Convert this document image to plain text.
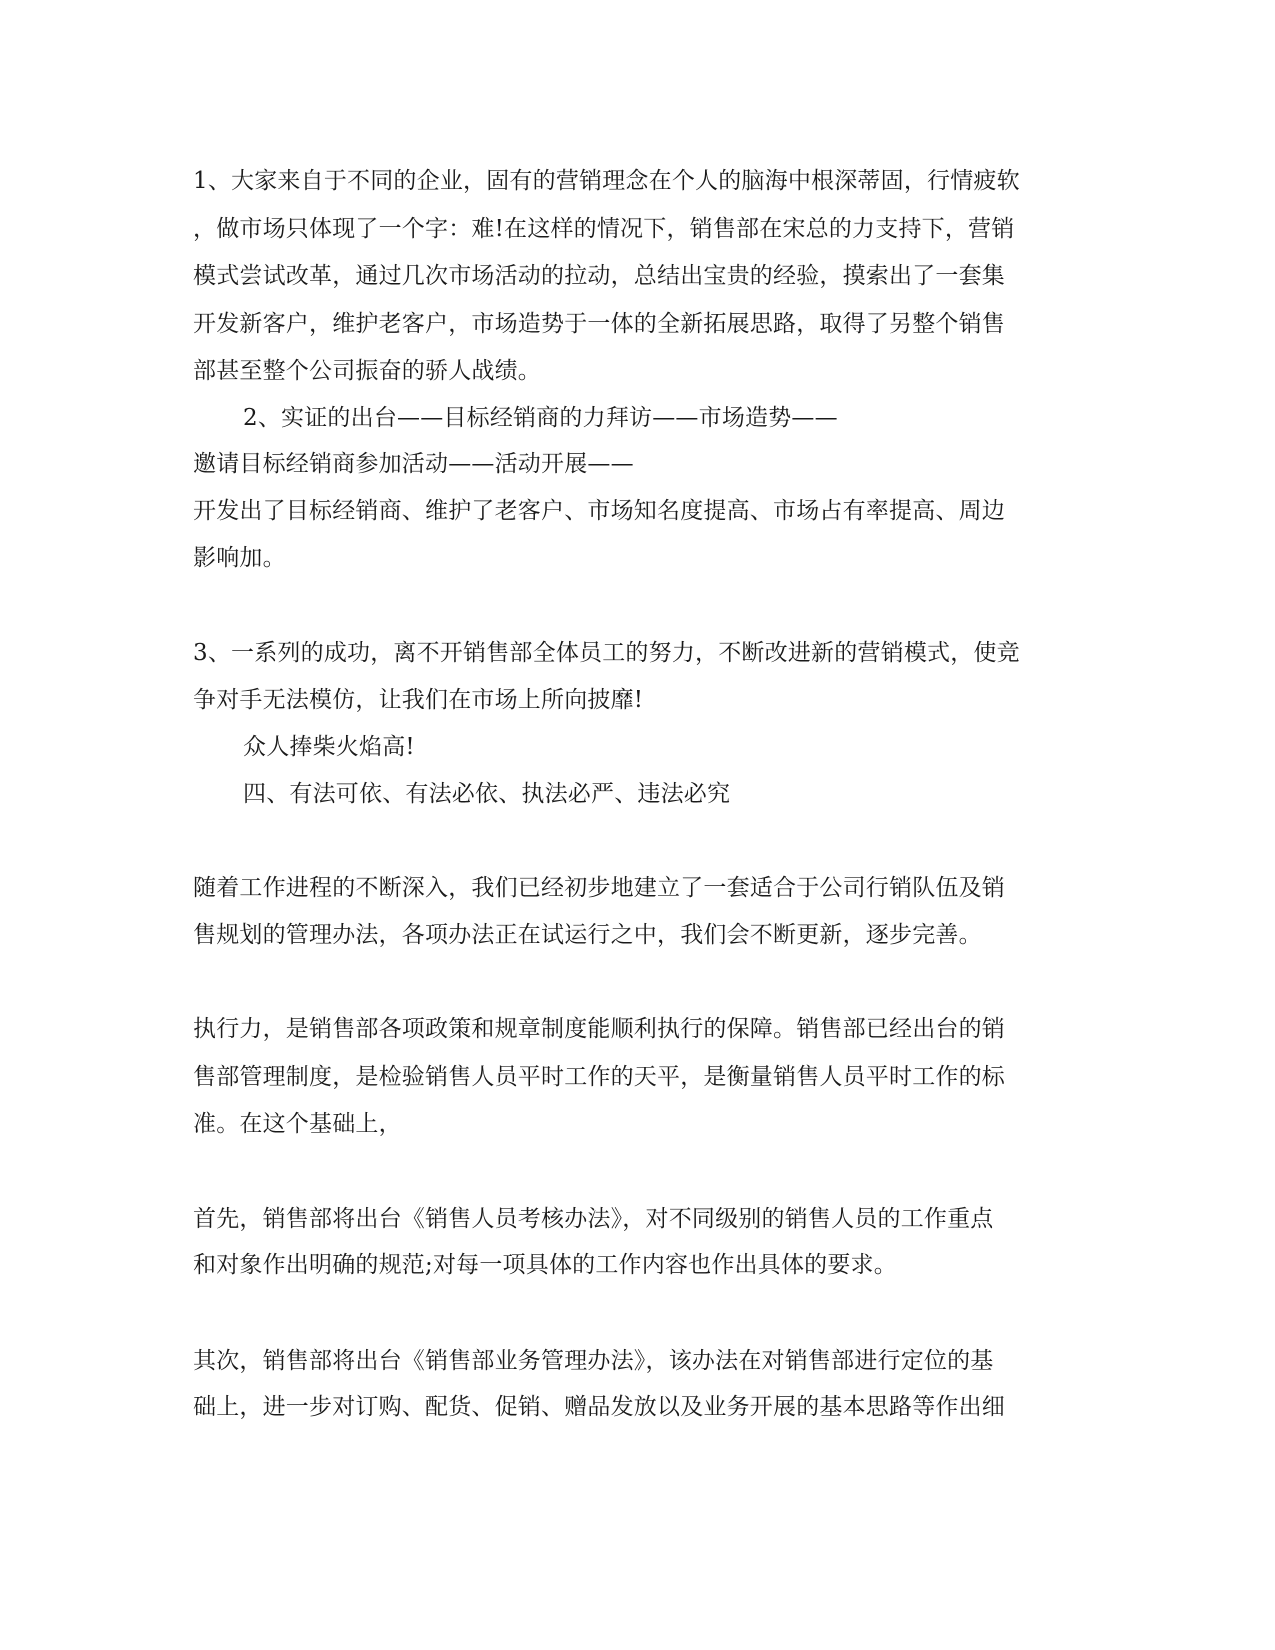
1、大家来自于不同的企业，固有的营销理念在个人的脑海中根深蒂固，行情疲软
，做市场只体现了一个字：难!在这样的情况下，销售部在宋总的力支持下，营销
模式尝试改革，通过几次市场活动的拉动，总结出宝贵的经验，摸索出了一套集
开发新客户，维护老客户，市场造势于一体的全新拓展思路，取得了另整个销售
部甚至整个公司振奋的骄人战绩。
2、实证的出台——目标经销商的力拜访——市场造势——
邀请目标经销商参加活动——活动开展——
开发出了目标经销商、维护了老客户、市场知名度提高、市场占有率提高、周边
影响加。
3、一系列的成功，离不开销售部全体员工的努力，不断改进新的营销模式，使竞
争对手无法模仿，让我们在市场上所向披靡!
众人捧柴火焰高!
四、有法可依、有法必依、执法必严、违法必究
随着工作进程的不断深入，我们已经初步地建立了一套适合于公司行销队伍及销
售规划的管理办法，各项办法正在试运行之中，我们会不断更新，逐步完善。
执行力，是销售部各项政策和规章制度能顺利执行的保障。销售部已经出台的销
售部管理制度，是检验销售人员平时工作的天平，是衡量销售人员平时工作的标
准。在这个基础上，
首先，销售部将出台《销售人员考核办法》，对不同级别的销售人员的工作重点
和对象作出明确的规范;对每一项具体的工作内容也作出具体的要求。
其次，销售部将出台《销售部业务管理办法》，该办法在对销售部进行定位的基
础上，进一步对订购、配货、促销、赠品发放以及业务开展的基本思路等作出细
